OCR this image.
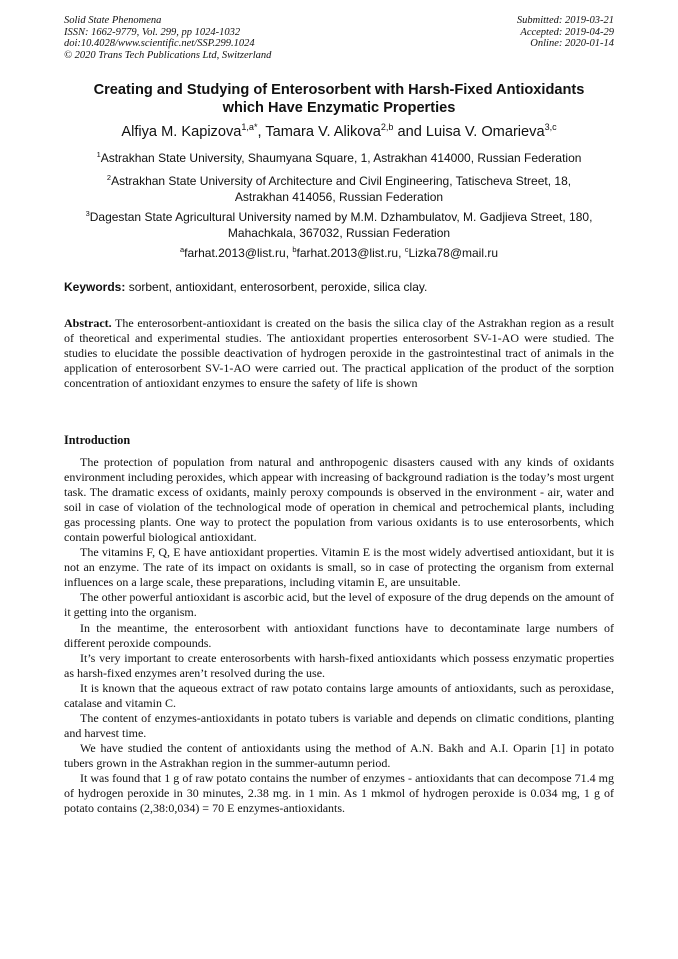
Solid State Phenomena
ISSN: 1662-9779, Vol. 299, pp 1024-1032
doi:10.4028/www.scientific.net/SSP.299.1024
© 2020 Trans Tech Publications Ltd, Switzerland
Submitted: 2019-03-21
Accepted: 2019-04-29
Online: 2020-01-14
Creating and Studying of Enterosorbent with Harsh-Fixed Antioxidants
which Have Enzymatic Properties
Alfiya M. Kapizova$^{1,a*}$, Tamara V. Alikova$^{2,b}$ and Luisa V. Omarieva$^{3,c}$
$^1$Astrakhan State University, Shaumyana Square, 1, Astrakhan 414000, Russian Federation
$^2$Astrakhan State University of Architecture and Civil Engineering, Tatischeva Street, 18,
Astrakhan 414056, Russian Federation
$^3$Dagestan State Agricultural University named by M.M. Dzhambulatov, M. Gadjieva Street, 180,
Mahachkala, 367032, Russian Federation
$^a$farhat.2013@list.ru, $^b$farhat.2013@list.ru, $^c$Lizka78@mail.ru
Keywords: sorbent, antioxidant, enterosorbent, peroxide, silica clay.
Abstract. The enterosorbent-antioxidant is created on the basis the silica clay of the Astrakhan region as a result of theoretical and experimental studies. The antioxidant properties enterosorbent SV-1-AO were studied. The studies to elucidate the possible deactivation of hydrogen peroxide in the gastrointestinal tract of animals in the application of enterosorbent SV-1-AO were carried out. The practical application of the product of the sorption concentration of antioxidant enzymes to ensure the safety of life is shown
Introduction

The protection of population from natural and anthropogenic disasters caused with any kinds of oxidants environment including peroxides, which appear with increasing of background radiation is the today’s most urgent task. The dramatic excess of oxidants, mainly peroxy compounds is observed in the environment - air, water and soil in case of violation of the technological mode of operation in chemical and petrochemical plants, including gas processing plants. One way to protect the population from various oxidants is to use enterosorbents, which contain powerful biological antioxidant.

The vitamins F, Q, E have antioxidant properties. Vitamin E is the most widely advertised antioxidant, but it is not an enzyme. The rate of its impact on oxidants is small, so in case of protecting the organism from external influences on a large scale, these preparations, including vitamin E, are unsuitable.

The other powerful antioxidant is ascorbic acid, but the level of exposure of the drug depends on the amount of it getting into the organism.

In the meantime, the enterosorbent with antioxidant functions have to decontaminate large numbers of different peroxide compounds.

It’s very important to create enterosorbents with harsh-fixed antioxidants which possess enzymatic properties as harsh-fixed enzymes aren’t resolved during the use.

It is known that the aqueous extract of raw potato contains large amounts of antioxidants, such as peroxidase, catalase and vitamin C.

The content of enzymes-antioxidants in potato tubers is variable and depends on climatic conditions, planting and harvest time.

We have studied the content of antioxidants using the method of A.N. Bakh and A.I. Oparin [1] in potato tubers grown in the Astrakhan region in the summer-autumn period.

It was found that 1 g of raw potato contains the number of enzymes - antioxidants that can decompose 71.4 mg of hydrogen peroxide in 30 minutes, 2.38 mg. in 1 min. As 1 mkmol of hydrogen peroxide is 0.034 mg, 1 g of potato contains (2,38:0,034) = 70 E enzymes-antioxidants.
